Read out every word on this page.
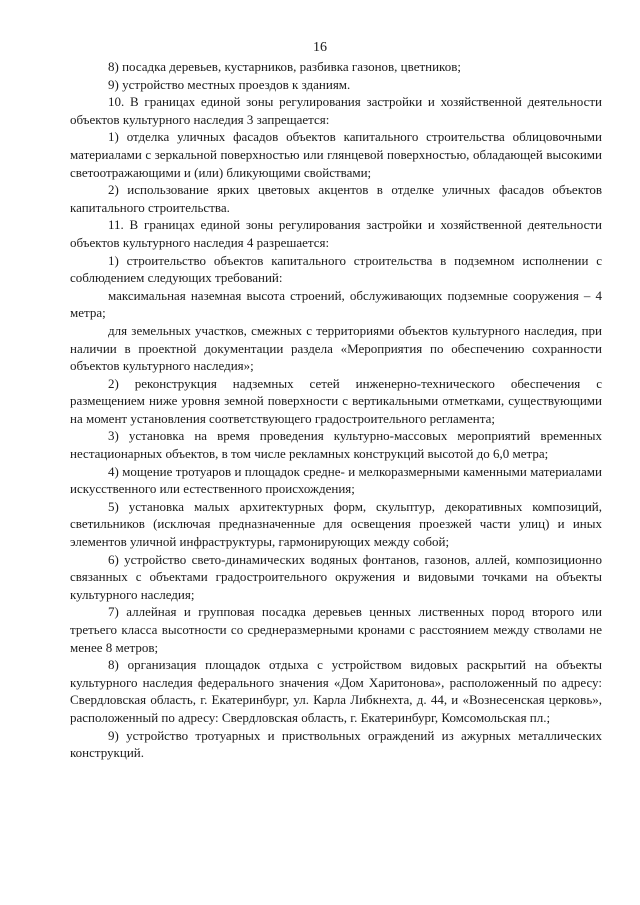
16

8) посадка деревьев, кустарников, разбивка газонов, цветников;

9) устройство местных проездов к зданиям.

10. В границах единой зоны регулирования застройки и хозяйственной деятельности объектов культурного наследия 3 запрещается:

1) отделка уличных фасадов объектов капитального строительства облицовочными материалами с зеркальной поверхностью или глянцевой поверхностью, обладающей высокими светоотражающими и (или) бликующими свойствами;

2) использование ярких цветовых акцентов в отделке уличных фасадов объектов капитального строительства.

11. В границах единой зоны регулирования застройки и хозяйственной деятельности объектов культурного наследия 4 разрешается:

1) строительство объектов капитального строительства в подземном исполнении с соблюдением следующих требований:

максимальная наземная высота строений, обслуживающих подземные сооружения – 4 метра;

для земельных участков, смежных с территориями объектов культурного наследия, при наличии в проектной документации раздела «Мероприятия по обеспечению сохранности объектов культурного наследия»;

2) реконструкция надземных сетей инженерно-технического обеспечения с размещением ниже уровня земной поверхности с вертикальными отметками, существующими на момент установления соответствующего градостроительного регламента;

3) установка на время проведения культурно-массовых мероприятий временных нестационарных объектов, в том числе рекламных конструкций высотой до 6,0 метра;

4) мощение тротуаров и площадок средне- и мелкоразмерными каменными материалами искусственного или естественного происхождения;

5) установка малых архитектурных форм, скульптур, декоративных композиций, светильников (исключая предназначенные для освещения проезжей части улиц) и иных элементов уличной инфраструктуры, гармонирующих между собой;

6) устройство свето-динамических водяных фонтанов, газонов, аллей, композиционно связанных с объектами градостроительного окружения и видовыми точками на объекты культурного наследия;

7) аллейная и групповая посадка деревьев ценных лиственных пород второго или третьего класса высотности со среднеразмерными кронами с расстоянием между стволами не менее 8 метров;

8) организация площадок отдыха с устройством видовых раскрытий на объекты культурного наследия федерального значения «Дом Харитонова», расположенный по адресу: Свердловская область, г. Екатеринбург, ул. Карла Либкнехта, д. 44, и «Вознесенская церковь», расположенный по адресу: Свердловская область, г. Екатеринбург, Комсомольская пл.;

9) устройство тротуарных и приствольных ограждений из ажурных металлических конструкций.
